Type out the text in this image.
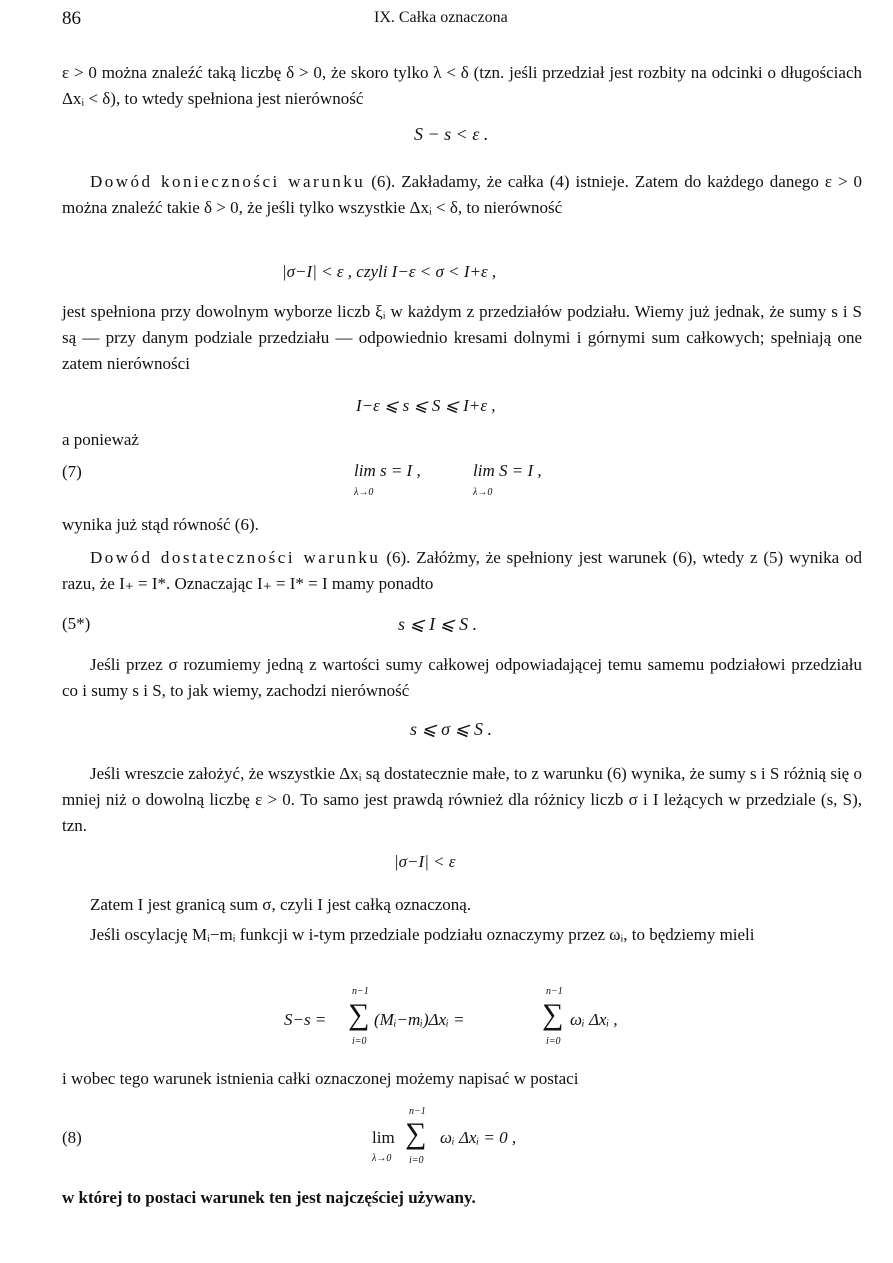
86	IX. Całka oznaczona
ε > 0 można znaleźć taką liczbę δ > 0, że skoro tylko λ < δ (tzn. jeśli przedział jest rozbity na odcinki o długościach Δxᵢ < δ), to wtedy spełniona jest nierówność
S − s < ε .
Dowód konieczności warunku (6). Zakładamy, że całka (4) istnieje. Zatem do każdego danego ε > 0 można znaleźć takie δ > 0, że jeśli tylko wszystkie Δxᵢ < δ, to nierówność
|σ−I| < ε , czyli I−ε < σ < I+ε ,
jest spełniona przy dowolnym wyborze liczb ξᵢ w każdym z przedziałów podziału. Wiemy już jednak, że sumy s i S są — przy danym podziale przedziału — odpowiednio kresami dolnymi i górnymi sum całkowych; spełniają one zatem nierówności
I−ε ⩽ s ⩽ S ⩽ I+ε ,
a ponieważ
(7)	lim s = I ,
λ→0
lim S = I ,
λ→0
wynika już stąd równość (6).
Dowód dostateczności warunku (6). Załóżmy, że spełniony jest warunek (6), wtedy z (5) wynika od razu, że I₊ = I*. Oznaczając I₊ = I* = I mamy ponadto
(5*)	s ⩽ I ⩽ S .
Jeśli przez σ rozumiemy jedną z wartości sumy całkowej odpowiadającej temu samemu podziałowi przedziału co i sumy s i S, to jak wiemy, zachodzi nierówność
s ⩽ σ ⩽ S .
Jeśli wreszcie założyć, że wszystkie Δxᵢ są dostatecznie małe, to z warunku (6) wynika, że sumy s i S różnią się o mniej niż o dowolną liczbę ε > 0. To samo jest prawdą również dla różnicy liczb σ i I leżących w przedziale (s, S), tzn.
|σ−I| < ε
Zatem I jest granicą sum σ, czyli I jest całką oznaczoną.
Jeśli oscylację Mᵢ−mᵢ funkcji w i-tym przedziale podziału oznaczymy przez ωᵢ, to będziemy mieli
S−s =
n−1
∑
i=0
(Mᵢ−mᵢ)Δxᵢ =
n−1
∑
i=0
ωᵢ Δxᵢ ,
i wobec tego warunek istnienia całki oznaczonej możemy napisać w postaci
(8)	lim
λ→0
n−1
∑
i=0
ωᵢ Δxᵢ = 0 ,
w której to postaci warunek ten jest najczęściej używany.
